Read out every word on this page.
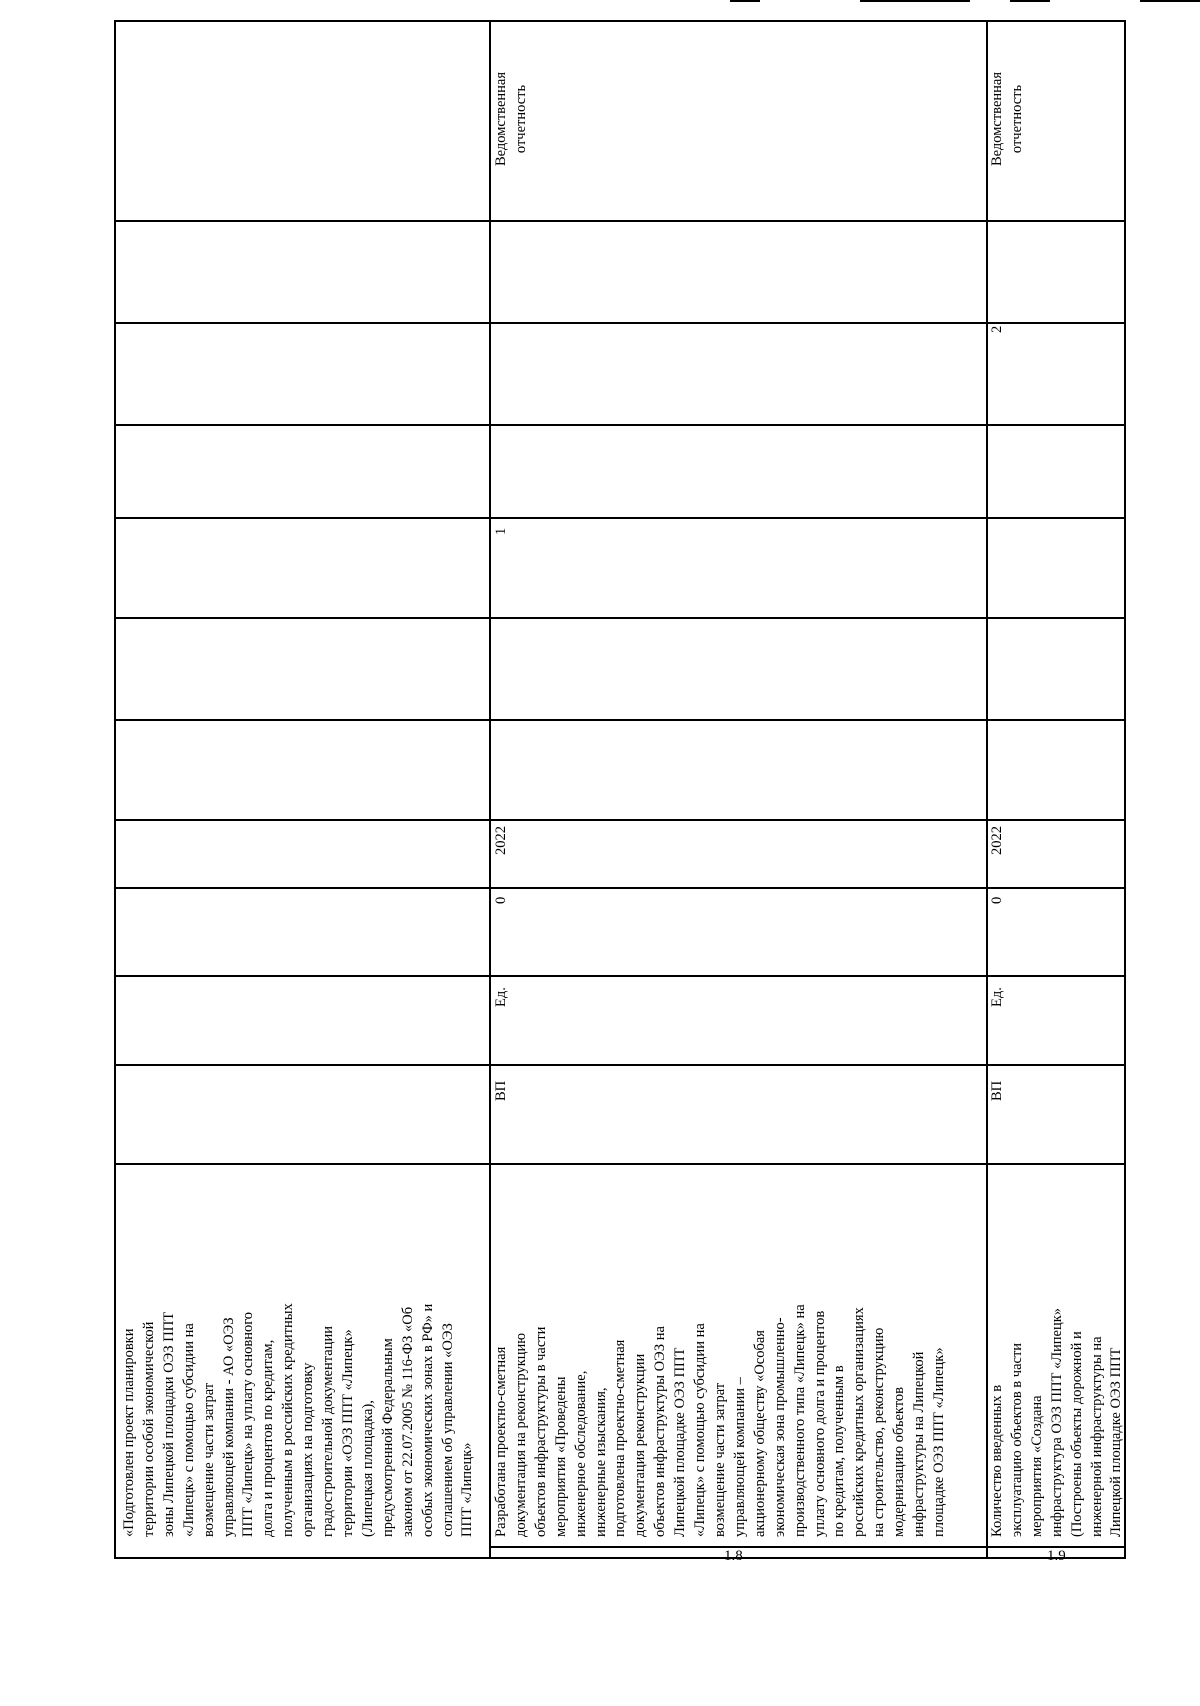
«Подготовлен проект планировки территории особой экономической зоны Липецкой площадки ОЭЗ ППТ «Липецк» с помощью субсидии на возмещение части затрат управляющей компании - АО «ОЭЗ ППТ «Липецк» на уплату основного долга и процентов по кредитам, полученным в российских кредитных организациях на подготовку градостроительной документации территории «ОЭЗ ППТ «Липецк» (Липецкая площадка), предусмотренной Федеральным законом от 22.07.2005 № 116-ФЗ «Об особых экономических зонах в РФ» и соглашением об управлении «ОЭЗ ППТ «Липецк»
1.8
Разработана проектно-сметная документация на реконструкцию объектов инфраструктуры в части мероприятия «Проведены инженерное обследование, инженерные изыскания, подготовлена проектно-сметная документация реконструкции объектов инфраструктуры ОЭЗ на Липецкой площадке ОЭЗ ППТ «Липецк» с помощью субсидии на возмещение части затрат управляющей компании – акционерному обществу «Особая экономическая зона промышленно- производственного типа «Липецк» на уплату основного долга и процентов по кредитам, полученным в российских кредитных организациях на строительство, реконструкцию модернизацию объектов инфраструктуры на Липецкой площадке ОЭЗ ППТ «Липецк»
ВП
Ед.
0
2022
1
Ведомственная отчетность
1.9
Количество введенных в эксплуатацию объектов в части мероприятия «Создана инфраструктура ОЭЗ ППТ «Липецк» (Построены объекты дорожной и инженерной инфраструктуры на Липецкой площадке ОЭЗ ППТ
ВП
Ед.
0
2022
2
Ведомственная отчетность
